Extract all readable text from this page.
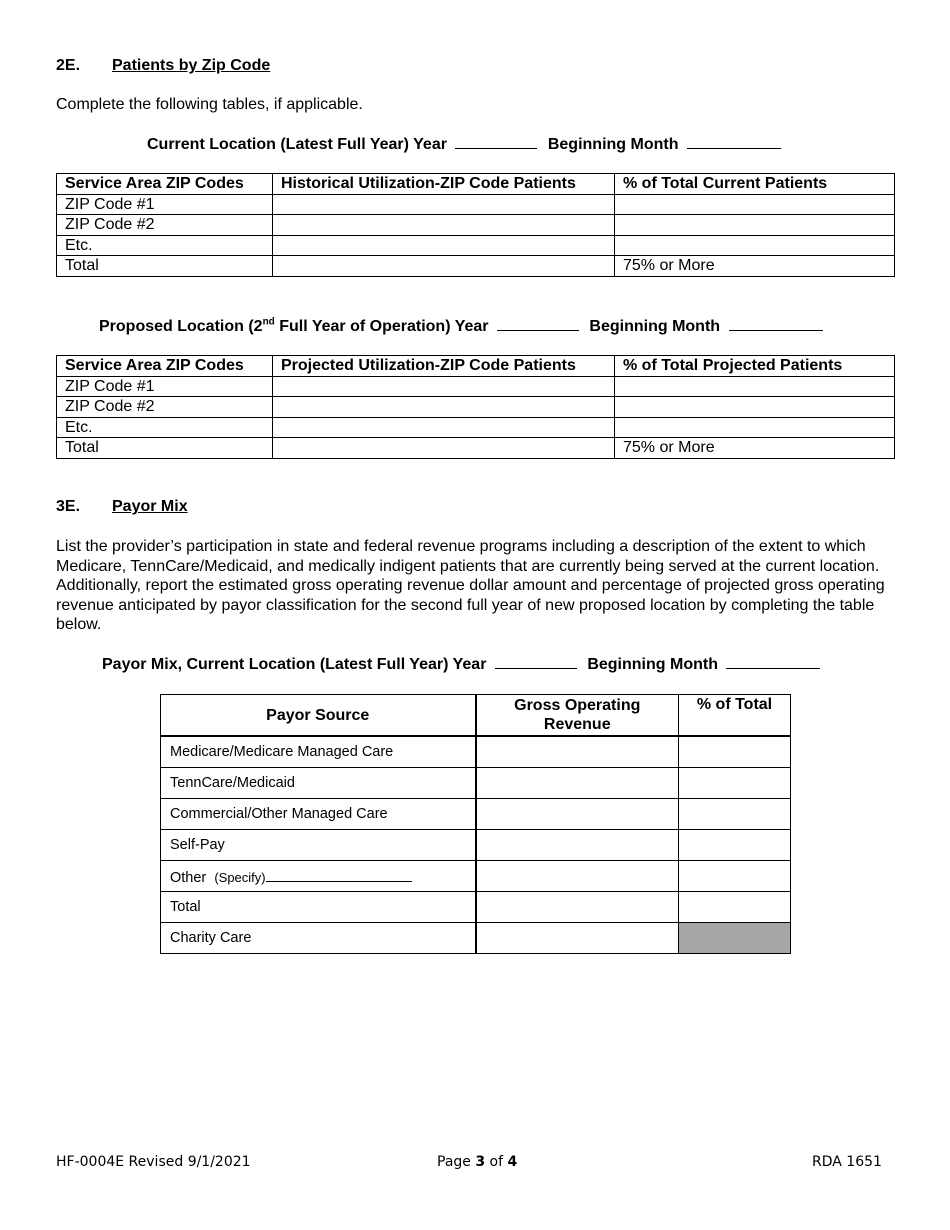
2E. Patients by Zip Code
Complete the following tables, if applicable.
Current Location (Latest Full Year) Year	Beginning Month
Service Area ZIP Codes	Historical Utilization-ZIP Code Patients	% of Total Current Patients
ZIP Code #1		
ZIP Code #2		
Etc.		
Total		75% or More
Proposed Location (2nd Full Year of Operation) Year	Beginning Month
Service Area ZIP Codes	Projected Utilization-ZIP Code Patients	% of Total Projected Patients
ZIP Code #1		
ZIP Code #2		
Etc.		
Total		75% or More
3E. Payor Mix
List the provider’s participation in state and federal revenue programs including a description of the extent to which Medicare, TennCare/Medicaid, and medically indigent patients that are currently being served at the current location. Additionally, report the estimated gross operating revenue dollar amount and percentage of projected gross operating revenue anticipated by payor classification for the second full year of new proposed location by completing the table below.
Payor Mix, Current Location (Latest Full Year) Year	Beginning Month
Payor Source	Gross Operating Revenue	% of Total
Medicare/Medicare Managed Care		
TennCare/Medicaid		
Commercial/Other Managed Care		
Self-Pay		
Other (Specify)		
Total		
Charity Care		
HF-0004E Revised 9/1/2021	Page 3 of 4	RDA 1651
